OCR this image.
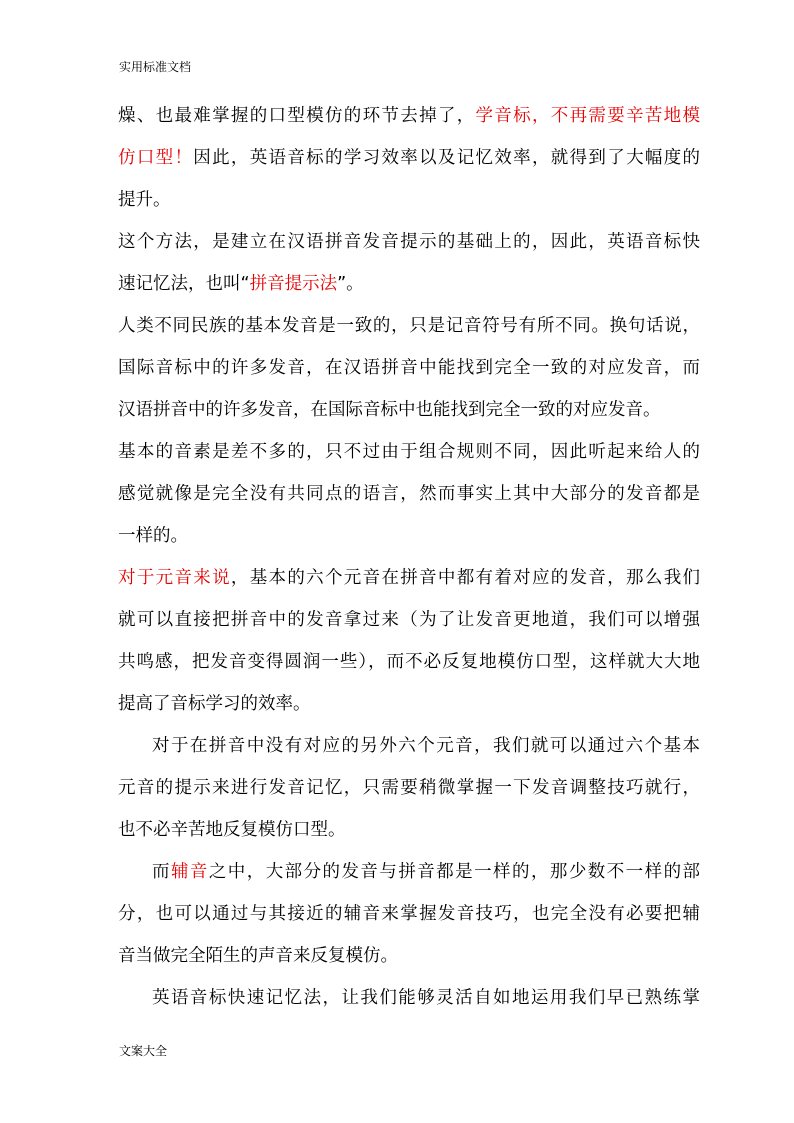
实用标准文档
燥、也最难掌握的口型模仿的环节去掉了，学音标，不再需要辛苦地模
仿口型！因此，英语音标的学习效率以及记忆效率，就得到了大幅度的
提升。
这个方法，是建立在汉语拼音发音提示的基础上的，因此，英语音标快
速记忆法，也叫“拼音提示法”。
人类不同民族的基本发音是一致的，只是记音符号有所不同。换句话说，
国际音标中的许多发音，在汉语拼音中能找到完全一致的对应发音，而
汉语拼音中的许多发音，在国际音标中也能找到完全一致的对应发音。
基本的音素是差不多的，只不过由于组合规则不同，因此听起来给人的
感觉就像是完全没有共同点的语言，然而事实上其中大部分的发音都是
一样的。
对于元音来说，基本的六个元音在拼音中都有着对应的发音，那么我们
就可以直接把拼音中的发音拿过来（为了让发音更地道，我们可以增强
共鸣感，把发音变得圆润一些），而不必反复地模仿口型，这样就大大地
提高了音标学习的效率。
对于在拼音中没有对应的另外六个元音，我们就可以通过六个基本
元音的提示来进行发音记忆，只需要稍微掌握一下发音调整技巧就行，
也不必辛苦地反复模仿口型。
而辅音之中，大部分的发音与拼音都是一样的，那少数不一样的部
分，也可以通过与其接近的辅音来掌握发音技巧，也完全没有必要把辅
音当做完全陌生的声音来反复模仿。
英语音标快速记忆法，让我们能够灵活自如地运用我们早已熟练掌
文案大全
